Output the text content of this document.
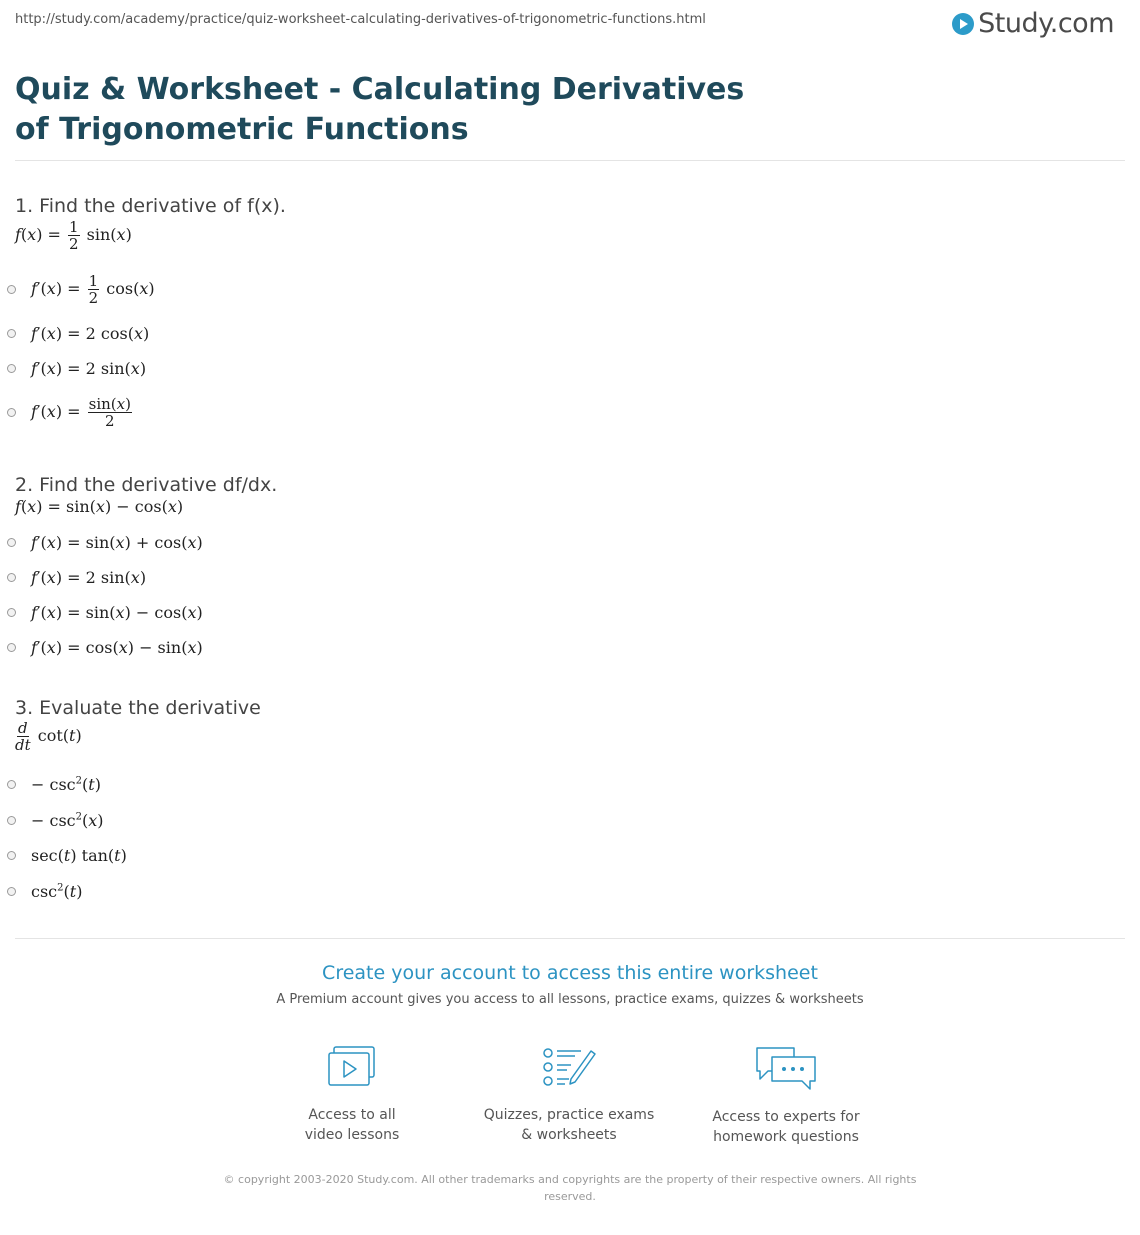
http://study.com/academy/practice/quiz-worksheet-calculating-derivatives-of-trigonometric-functions.html	Study.com
Quiz & Worksheet - Calculating Derivatives of Trigonometric Functions

1. Find the derivative of f(x).

$f(x) = \frac{1}{2} \sin(x)$
$f'(x) = \frac{1}{2} \cos(x)$
f′(x) = 2 cos(x)
f′(x) = 2 sin(x)
$f'(x) = \frac{\sin(x)}{2}$

2. Find the derivative df/dx.

f(x) = sin(x) − cos(x)
f′(x) = sin(x) + cos(x)
f′(x) = 2 sin(x)
f′(x) = sin(x) − cos(x)
f′(x) = cos(x) − sin(x)

3. Evaluate the derivative

$\frac{d}{dt} \cot(t)$
− $\csc^2(t)$
− $\csc^2(x)$
sec(t) tan(t)
$\csc^2(t)$
Create your account to access this entire worksheet
A Premium account gives you access to all lessons, practice exams, quizzes & worksheets
Access to all
video lessons
Quizzes, practice exams
& worksheets
Access to experts for
homework questions
© copyright 2003-2020 Study.com. All other trademarks and copyrights are the property of their respective owners. All rights reserved.
